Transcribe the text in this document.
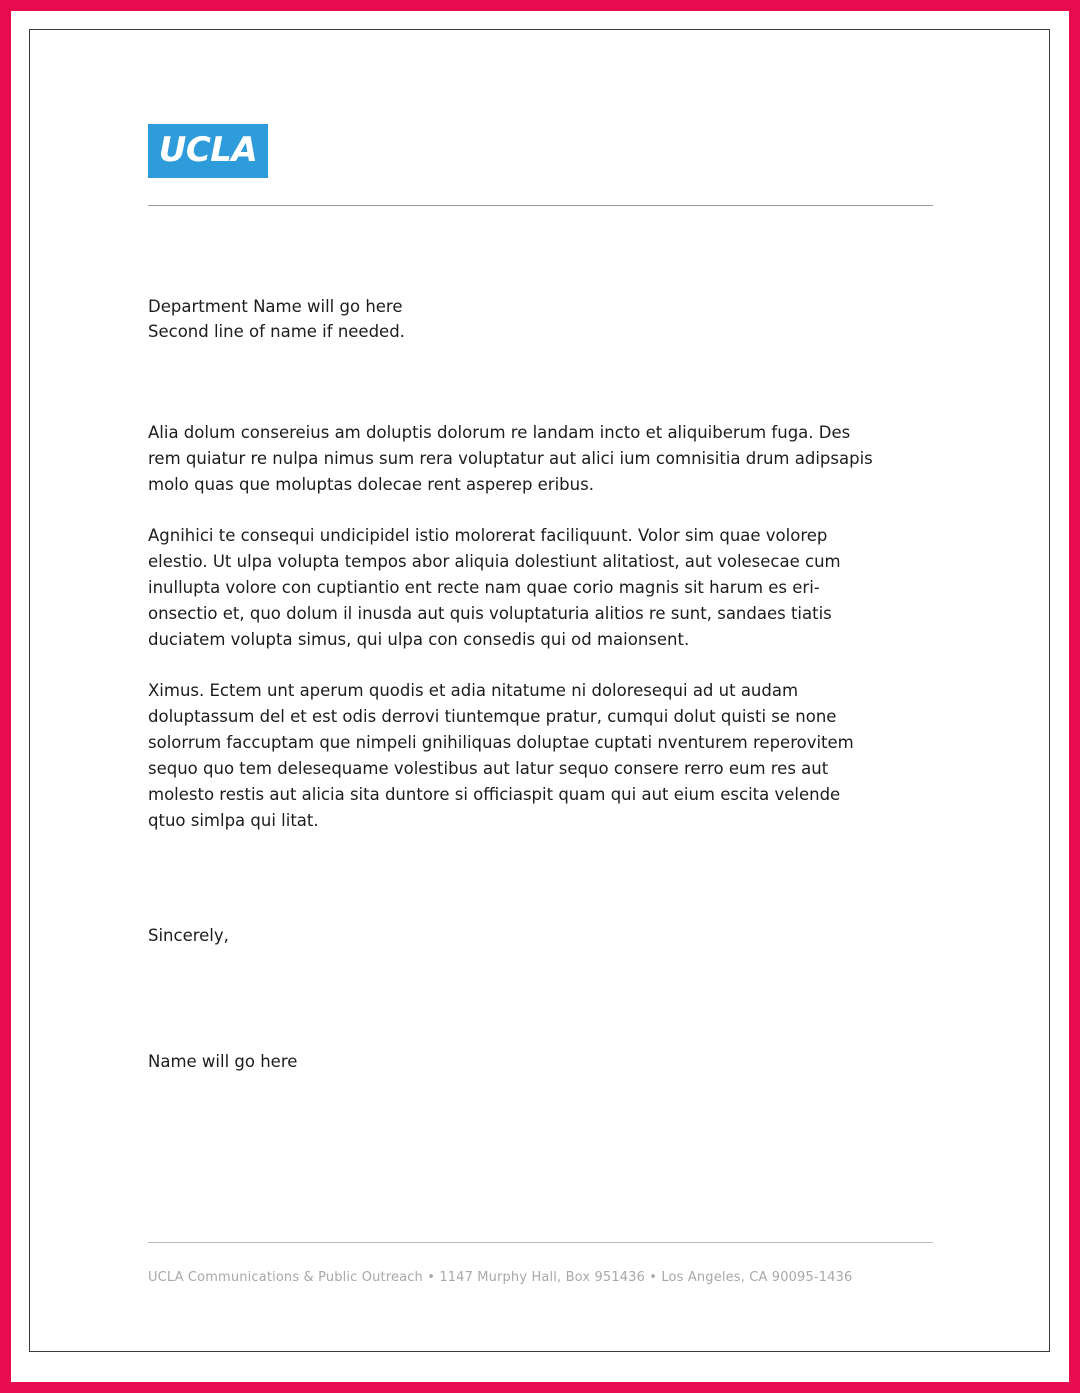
UCLA
Department Name will go here
Second line of name if needed.

Alia dolum consereius am doluptis dolorum re landam incto et aliquiberum fuga. Des rem quiatur re nulpa nimus sum rera voluptatur aut alici ium comnisitia drum adipsapis molo quas que moluptas dolecae rent asperep eribus.

Agnihici te consequi undicipidel istio molorerat faciliquunt. Volor sim quae volorep elestio. Ut ulpa volupta tempos abor aliquia dolestiunt alitatiost, aut volesecae cum inullupta volore con cuptiantio ent recte nam quae corio magnis sit harum es eri-onsectio et, quo dolum il inusda aut quis voluptaturia alitios re sunt, sandaes tiatis duciatem volupta simus, qui ulpa con consedis qui od maionsent.

Ximus. Ectem unt aperum quodis et adia nitatume ni doloresequi ad ut audam doluptassum del et est odis derrovi tiuntemque pratur, cumqui dolut quisti se none solorrum faccuptam que nimpeli gnihiliquas doluptae cuptati nventurem reperovitem sequo quo tem delesequame volestibus aut latur sequo consere rerro eum res aut molesto restis aut alicia sita duntore si officiaspit quam qui aut eium escita velende qtuo simlpa qui litat.

Sincerely,
Name will go here
UCLA Communications & Public Outreach • 1147 Murphy Hall, Box 951436 • Los Angeles, CA 90095-1436
